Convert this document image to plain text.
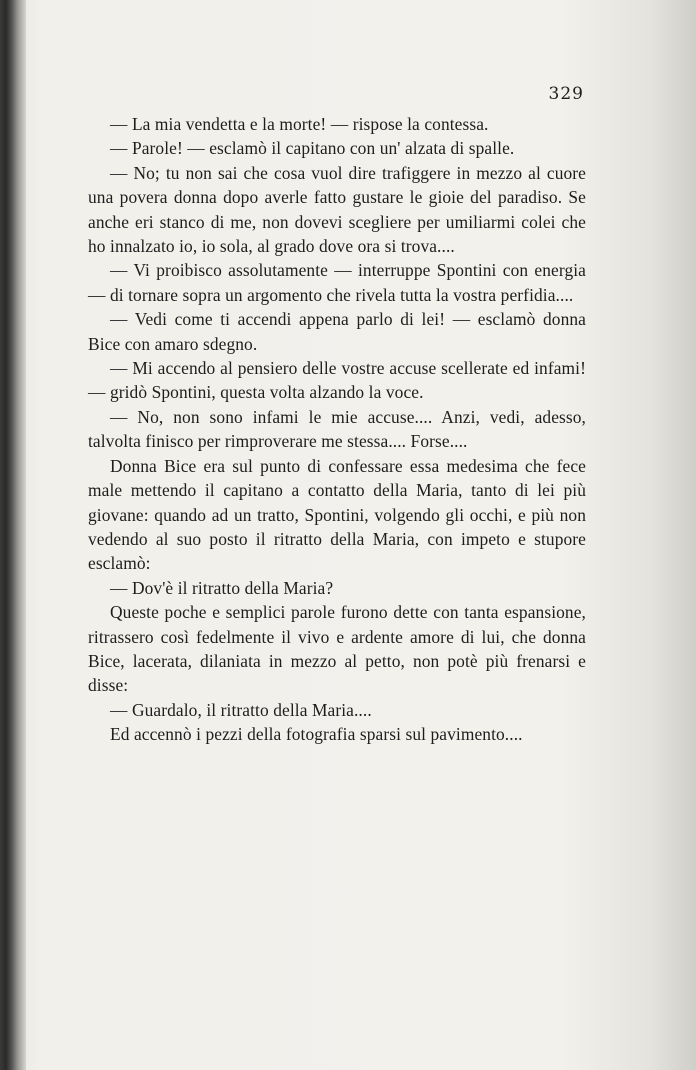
329

— La mia vendetta e la morte! — rispose la contessa.

— Parole! — esclamò il capitano con un' alzata di spalle.

— No; tu non sai che cosa vuol dire trafiggere in mezzo al cuore una povera donna dopo averle fatto gustare le gioie del paradiso. Se anche eri stanco di me, non dovevi scegliere per umiliarmi colei che ho innalzato io, io sola, al grado dove ora si trova....

— Vi proibisco assolutamente — interruppe Spontini con energia — di tornare sopra un argomento che rivela tutta la vostra perfidia....

— Vedi come ti accendi appena parlo di lei! — esclamò donna Bice con amaro sdegno.

— Mi accendo al pensiero delle vostre accuse scellerate ed infami! — gridò Spontini, questa volta alzando la voce.

— No, non sono infami le mie accuse.... Anzi, vedi, adesso, talvolta finisco per rimproverare me stessa.... Forse....

Donna Bice era sul punto di confessare essa medesima che fece male mettendo il capitano a contatto della Maria, tanto di lei più giovane: quando ad un tratto, Spontini, volgendo gli occhi, e più non vedendo al suo posto il ritratto della Maria, con impeto e stupore esclamò:

— Dov'è il ritratto della Maria?

Queste poche e semplici parole furono dette con tanta espansione, ritrassero così fedelmente il vivo e ardente amore di lui, che donna Bice, lacerata, dilaniata in mezzo al petto, non potè più frenarsi e disse:

— Guardalo, il ritratto della Maria....

Ed accennò i pezzi della fotografia sparsi sul pavimento....
